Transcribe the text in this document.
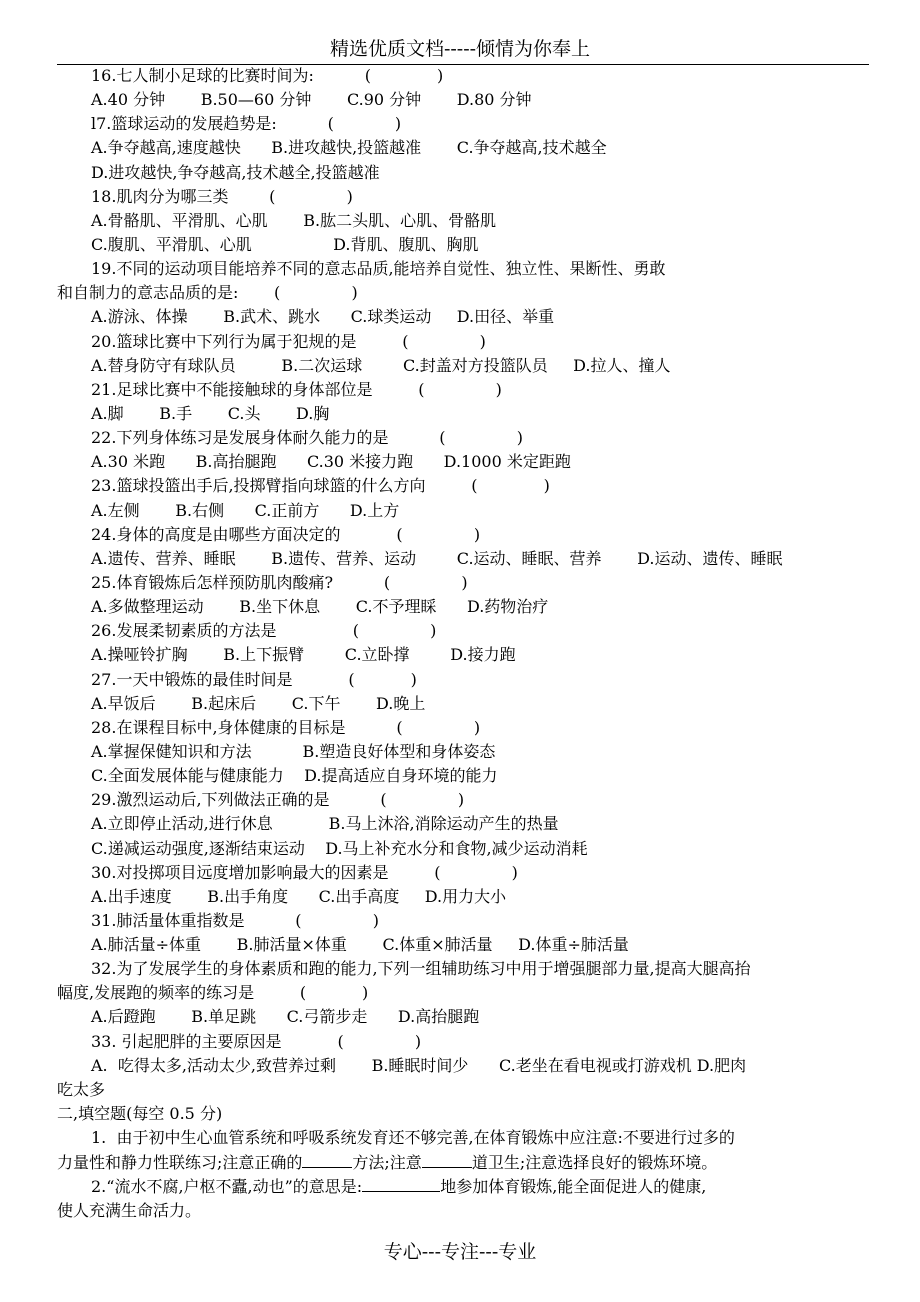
精选优质文档-----倾情为你奉上
16.七人制小足球的比赛时间为:          (             )
A.40 分钟       B.50—60 分钟       C.90 分钟       D.80 分钟
l7.篮球运动的发展趋势是:          (            )
A.争夺越高,速度越快      B.进攻越快,投篮越准       C.争夺越高,技术越全
D.进攻越快,争夺越高,技术越全,投篮越准
18.肌肉分为哪三类        (              )
A.骨骼肌、平滑肌、心肌       B.肱二头肌、心肌、骨骼肌
C.腹肌、平滑肌、心肌                D.背肌、腹肌、胸肌
19.不同的运动项目能培养不同的意志品质,能培养自觉性、独立性、果断性、勇敢
和自制力的意志品质的是:       (              )
A.游泳、体操       B.武术、跳水      C.球类运动     D.田径、举重
20.篮球比赛中下列行为属于犯规的是         (              )
A.替身防守有球队员         B.二次运球        C.封盖对方投篮队员     D.拉人、撞人
21.足球比赛中不能接触球的身体部位是         (              )
A.脚       B.手       C.头       D.胸
22.下列身体练习是发展身体耐久能力的是          (              )
A.30 米跑      B.高抬腿跑      C.30 米接力跑      D.1000 米定距跑
23.篮球投篮出手后,投掷臂指向球篮的什么方向         (             )
A.左侧       B.右侧      C.正前方      D.上方
24.身体的高度是由哪些方面决定的           (              )
A.遗传、营养、睡眠       B.遗传、营养、运动        C.运动、睡眠、营养       D.运动、遗传、睡眠
25.体育锻炼后怎样预防肌肉酸痛?          (              )
A.多做整理运动       B.坐下休息       C.不予理睬      D.药物治疗
26.发展柔韧素质的方法是               (              )
A.操哑铃扩胸       B.上下振臂        C.立卧撑        D.接力跑
27.一天中锻炼的最佳时间是           (           )
A.早饭后       B.起床后       C.下午       D.晚上
28.在课程目标中,身体健康的目标是          (              )
A.掌握保健知识和方法          B.塑造良好体型和身体姿态
C.全面发展体能与健康能力    D.提高适应自身环境的能力
29.激烈运动后,下列做法正确的是          (              )
A.立即停止活动,进行休息           B.马上沐浴,消除运动产生的热量
C.递减运动强度,逐渐结束运动    D.马上补充水分和食物,减少运动消耗
30.对投掷项目远度增加影响最大的因素是         (              )
A.出手速度       B.出手角度      C.出手高度     D.用力大小
31.肺活量体重指数是          (              )
A.肺活量÷体重       B.肺活量×体重       C.体重×肺活量     D.体重÷肺活量
32.为了发展学生的身体素质和跑的能力,下列一组辅助练习中用于增强腿部力量,提高大腿高抬
幅度,发展跑的频率的练习是         (           )
A.后蹬跑       B.单足跳      C.弓箭步走      D.高抬腿跑
33. 引起肥胖的主要原因是           (              )
A.  吃得太多,活动太少,致营养过剩       B.睡眠时间少      C.老坐在看电视或打游戏机 D.肥肉
吃太多
二,填空题(每空 0.5 分)
1.  由于初中生心血管系统和呼吸系统发育还不够完善,在体育锻炼中应注意:不要进行过多的
力量性和静力性联练习;注意正确的	方法;注意	道卫生;注意选择良好的锻炼环境。
2.“流水不腐,户枢不蠹,动也”的意思是:	地参加体育锻炼,能全面促进人的健康,
使人充满生命活力。
专心---专注---专业
